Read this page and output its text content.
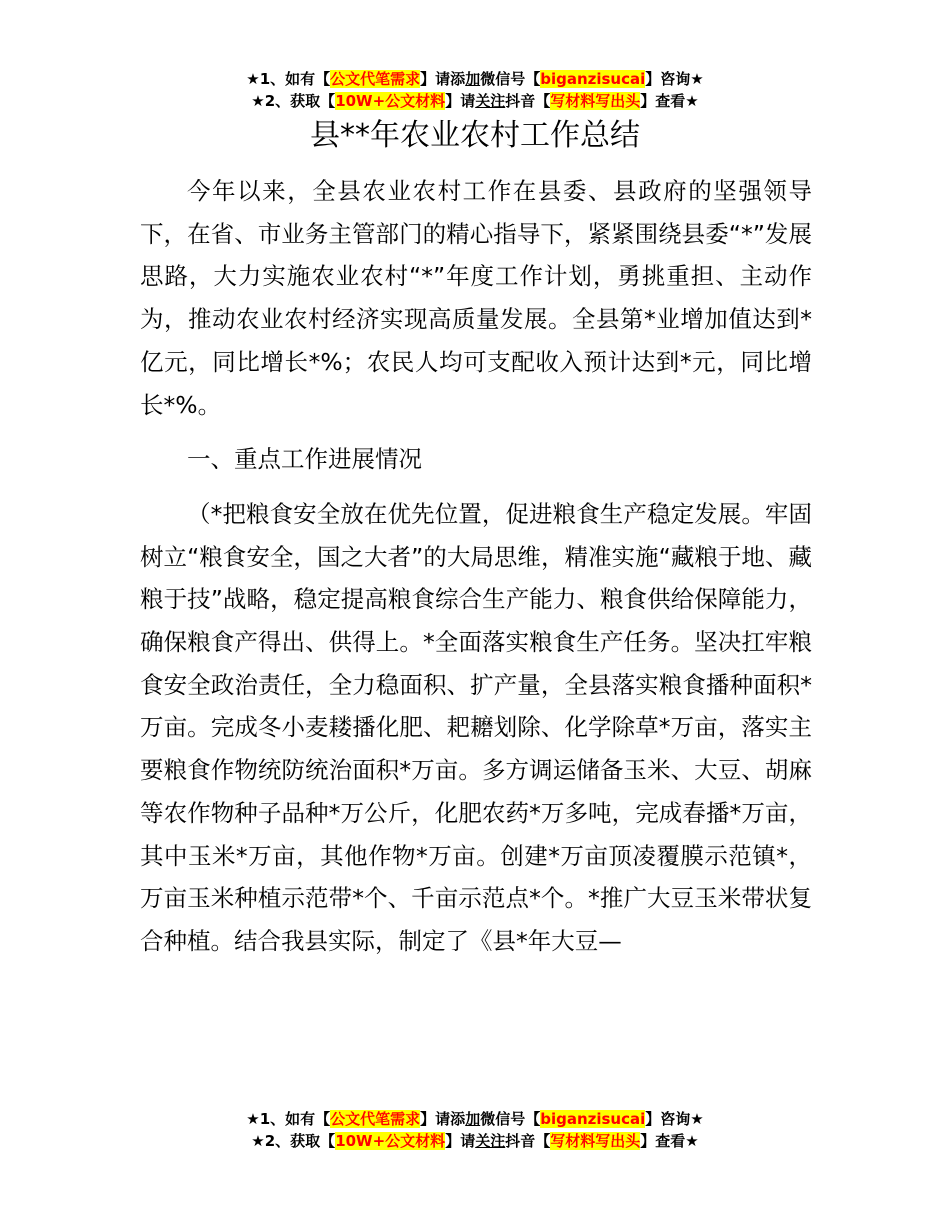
★1、如有【公文代笔需求】请添加微信号【biganzisucai】咨询★
★2、获取【10W+公文材料】请关注抖音【写材料写出头】查看★
县**年农业农村工作总结

今年以来，全县农业农村工作在县委、县政府的坚强领导下，在省、市业务主管部门的精心指导下，紧紧围绕县委“*”发展思路，大力实施农业农村“*”年度工作计划，勇挑重担、主动作为，推动农业农村经济实现高质量发展。全县第*业增加值达到*亿元，同比增长*%；农民人均可支配收入预计达到*元，同比增长*%。

一、重点工作进展情况

（*把粮食安全放在优先位置，促进粮食生产稳定发展。牢固树立“粮食安全，国之大者”的大局思维，精准实施“藏粮于地、藏粮于技”战略，稳定提高粮食综合生产能力、粮食供给保障能力，确保粮食产得出、供得上。*全面落实粮食生产任务。坚决扛牢粮食安全政治责任，全力稳面积、扩产量，全县落实粮食播种面积*万亩。完成冬小麦耧播化肥、耙耱划除、化学除草*万亩，落实主要粮食作物统防统治面积*万亩。多方调运储备玉米、大豆、胡麻等农作物种子品种*万公斤，化肥农药*万多吨，完成春播*万亩，其中玉米*万亩，其他作物*万亩。创建*万亩顶凌覆膜示范镇*，万亩玉米种植示范带*个、千亩示范点*个。*推广大豆玉米带状复合种植。结合我县实际，制定了《县*年大豆—

★1、如有【公文代笔需求】请添加微信号【biganzisucai】咨询★
★2、获取【10W+公文材料】请关注抖音【写材料写出头】查看★
